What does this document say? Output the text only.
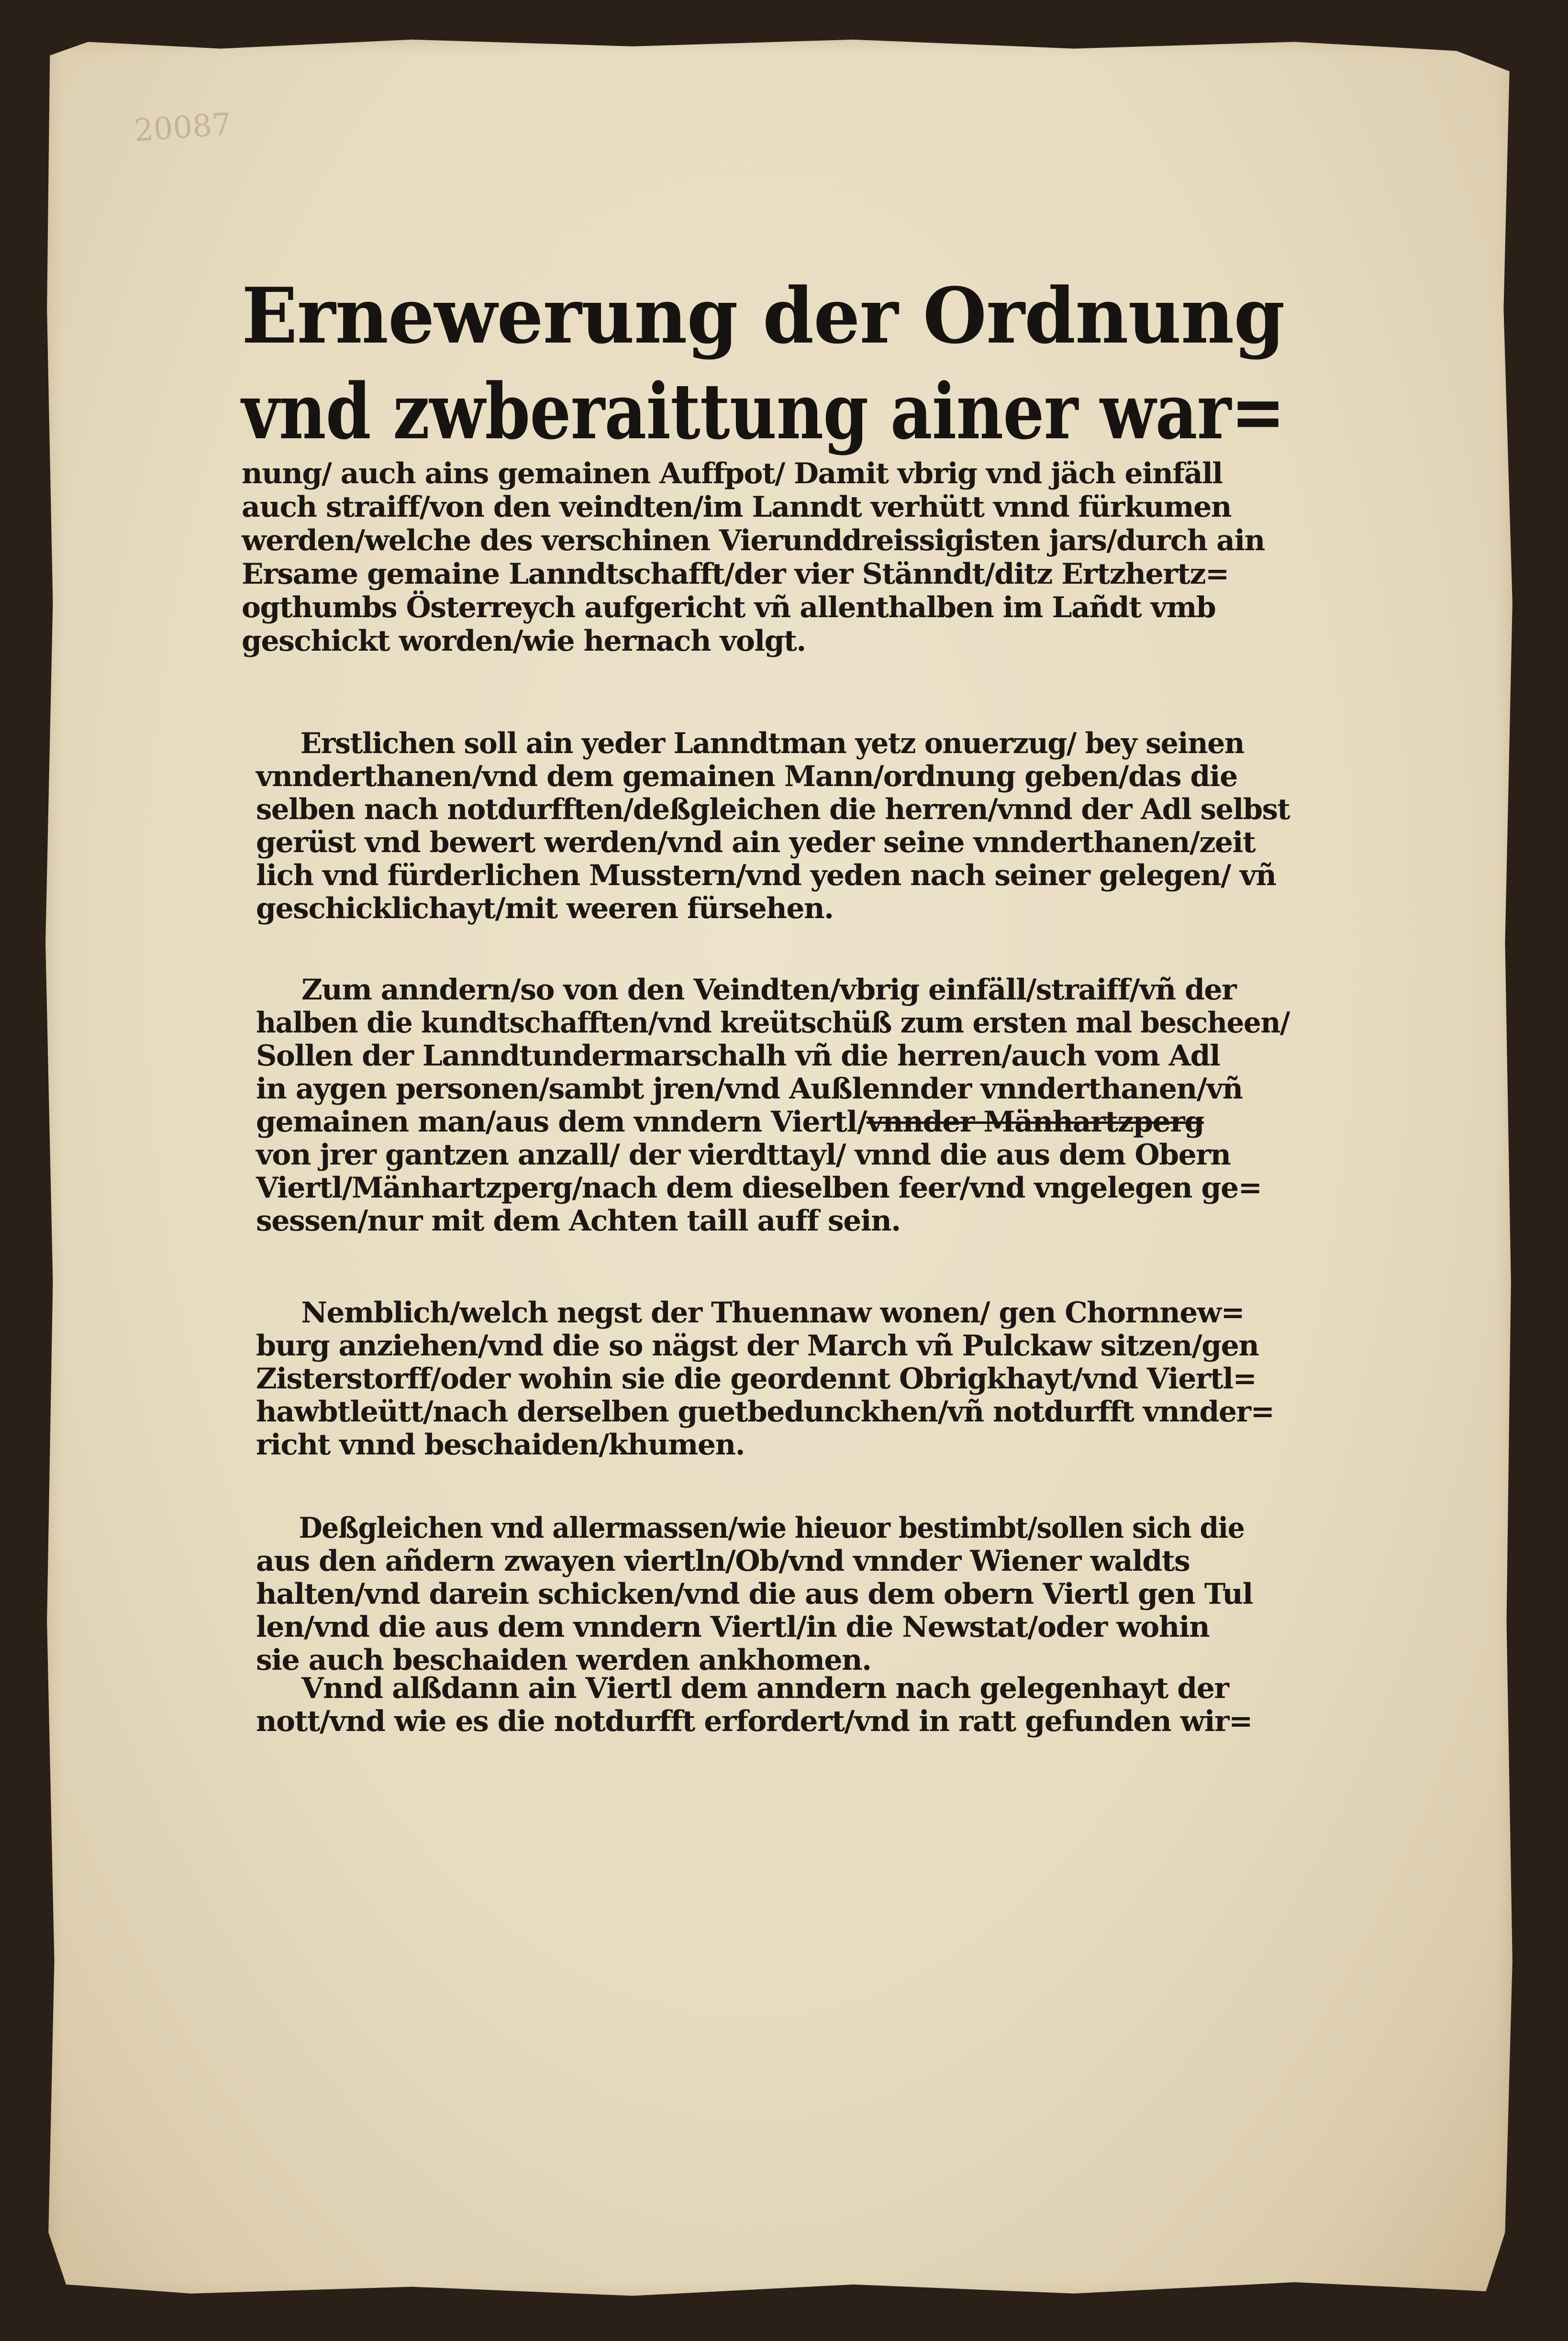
20087
Ernewerung der Ordnung
vnd zwberaittung ainer war=
nung/ auch ains gemainen Auffpot/ Damit vbrig vnd jäch einfäll
auch straiff/von den veindten/im Lanndt verhütt vnnd fürkumen
werden/welche des verschinen Vierunddreissigisten jars/durch ain
Ersame gemaine Lanndtschafft/der vier Stänndt/ditz Ertzhertz=
ogthumbs Österreych aufgericht vñ allenthalben im Lañdt vmb
geschickt worden/wie hernach volgt.
Erstlichen soll ain yeder Lanndtman yetz onuerzug/ bey seinen
vnnderthanen/vnd dem gemainen Mann/ordnung geben/das die
selben nach notdurfften/deßgleichen die herren/vnnd der Adl selbst
gerüst vnd bewert werden/vnd ain yeder seine vnnderthanen/zeit
lich vnd fürderlichen Musstern/vnd yeden nach seiner gelegen/ vñ
geschicklichayt/mit weeren fürsehen.
Zum anndern/so von den Veindten/vbrig einfäll/straiff/vñ der
halben die kundtschafften/vnd kreütschüß zum ersten mal bescheen/
Sollen der Lanndtundermarschalh vñ die herren/auch vom Adl
in aygen personen/sambt jren/vnd Außlennder vnnderthanen/vñ
gemainen man/aus dem vnndern Viertl/vnnder Mänhartzperg
von jrer gantzen anzall/ der vierdttayl/ vnnd die aus dem Obern
Viertl/Mänhartzperg/nach dem dieselben feer/vnd vngelegen ge=
sessen/nur mit dem Achten taill auff sein.
Nemblich/welch negst der Thuennaw wonen/ gen Chornnew=
burg anziehen/vnd die so nägst der March vñ Pulckaw sitzen/gen
Zisterstorff/oder wohin sie die geordennt Obrigkhayt/vnd Viertl=
hawbtleütt/nach derselben guetbedunckhen/vñ notdurfft vnnder=
richt vnnd beschaiden/khumen.
Deßgleichen vnd allermassen/wie hieuor bestimbt/sollen sich die
aus den añdern zwayen viertln/Ob/vnd vnnder Wiener waldts
halten/vnd darein schicken/vnd die aus dem obern Viertl gen Tul
len/vnd die aus dem vnndern Viertl/in die Newstat/oder wohin
sie auch beschaiden werden ankhomen.
Vnnd alßdann ain Viertl dem anndern nach gelegenhayt der
nott/vnd wie es die notdurfft erfordert/vnd in ratt gefunden wir=
